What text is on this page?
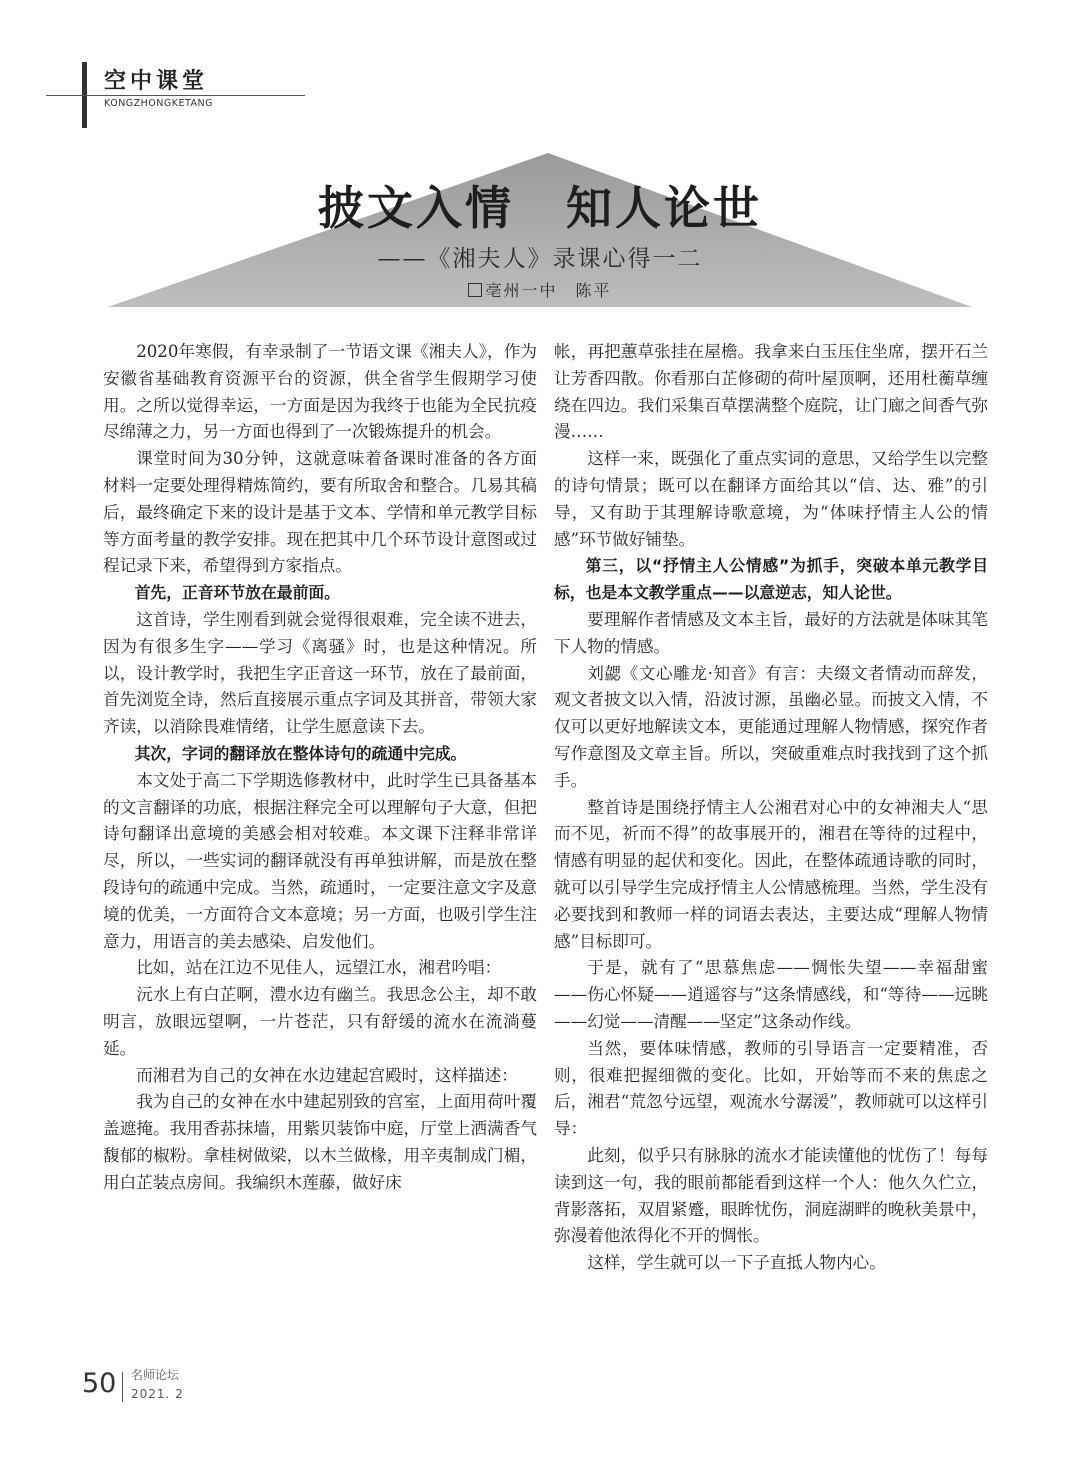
空中课堂
KONGZHONGKETANG
披文入情 知人论世
——《湘夫人》录课心得一二
亳州一中　陈平

2020年寒假，有幸录制了一节语文课《湘夫人》，作为安徽省基础教育资源平台的资源，供全省学生假期学习使用。之所以觉得幸运，一方面是因为我终于也能为全民抗疫尽绵薄之力，另一方面也得到了一次锻炼提升的机会。

课堂时间为30分钟，这就意味着备课时准备的各方面材料一定要处理得精炼简约，要有所取舍和整合。几易其稿后，最终确定下来的设计是基于文本、学情和单元教学目标等方面考量的教学安排。现在把其中几个环节设计意图或过程记录下来，希望得到方家指点。

首先，正音环节放在最前面。

这首诗，学生刚看到就会觉得很艰难，完全读不进去，因为有很多生字——学习《离骚》时，也是这种情况。所以，设计教学时，我把生字正音这一环节，放在了最前面，首先浏览全诗，然后直接展示重点字词及其拼音，带领大家齐读，以消除畏难情绪，让学生愿意读下去。

其次，字词的翻译放在整体诗句的疏通中完成。

本文处于高二下学期选修教材中，此时学生已具备基本的文言翻译的功底，根据注释完全可以理解句子大意，但把诗句翻译出意境的美感会相对较难。本文课下注释非常详尽，所以，一些实词的翻译就没有再单独讲解，而是放在整段诗句的疏通中完成。当然，疏通时，一定要注意文字及意境的优美，一方面符合文本意境；另一方面，也吸引学生注意力，用语言的美去感染、启发他们。

比如，站在江边不见佳人，远望江水，湘君吟唱：

沅水上有白芷啊，澧水边有幽兰。我思念公主，却不敢明言，放眼远望啊，一片苍茫，只有舒缓的流水在流淌蔓延。

而湘君为自己的女神在水边建起宫殿时，这样描述：

我为自己的女神在水中建起别致的宫室，上面用荷叶覆盖遮掩。我用香荪抹墙，用紫贝装饰中庭，厅堂上洒满香气馥郁的椒粉。拿桂树做梁，以木兰做椽，用辛夷制成门楣，用白芷装点房间。我编织木莲藤，做好床

帐，再把蕙草张挂在屋檐。我拿来白玉压住坐席，摆开石兰让芳香四散。你看那白芷修砌的荷叶屋顶啊，还用杜蘅草缠绕在四边。我们采集百草摆满整个庭院，让门廊之间香气弥漫……

这样一来，既强化了重点实词的意思，又给学生以完整的诗句情景；既可以在翻译方面给其以“信、达、雅”的引导，又有助于其理解诗歌意境，为“体味抒情主人公的情感”环节做好铺垫。

第三，以“抒情主人公情感”为抓手，突破本单元教学目标，也是本文教学重点——以意逆志，知人论世。

要理解作者情感及文本主旨，最好的方法就是体味其笔下人物的情感。

刘勰《文心雕龙·知音》有言：夫缀文者情动而辞发，观文者披文以入情，沿波讨源，虽幽必显。而披文入情，不仅可以更好地解读文本，更能通过理解人物情感，探究作者写作意图及文章主旨。所以，突破重难点时我找到了这个抓手。

整首诗是围绕抒情主人公湘君对心中的女神湘夫人“思而不见，祈而不得”的故事展开的，湘君在等待的过程中，情感有明显的起伏和变化。因此，在整体疏通诗歌的同时，就可以引导学生完成抒情主人公情感梳理。当然，学生没有必要找到和教师一样的词语去表达，主要达成“理解人物情感”目标即可。

于是，就有了“思慕焦虑——惆怅失望——幸福甜蜜——伤心怀疑——逍遥容与”这条情感线，和“等待——远眺——幻觉——清醒——坚定”这条动作线。

当然，要体味情感，教师的引导语言一定要精准，否则，很难把握细微的变化。比如，开始等而不来的焦虑之后，湘君“荒忽兮远望，观流水兮潺湲”，教师就可以这样引导：

此刻，似乎只有脉脉的流水才能读懂他的忧伤了！每每读到这一句，我的眼前都能看到这样一个人：他久久伫立，背影落拓，双眉紧蹙，眼眸忧伤，洞庭湖畔的晚秋美景中，弥漫着他浓得化不开的惆怅。

这样，学生就可以一下子直抵人物内心。

50 名师论坛
2021. 2
